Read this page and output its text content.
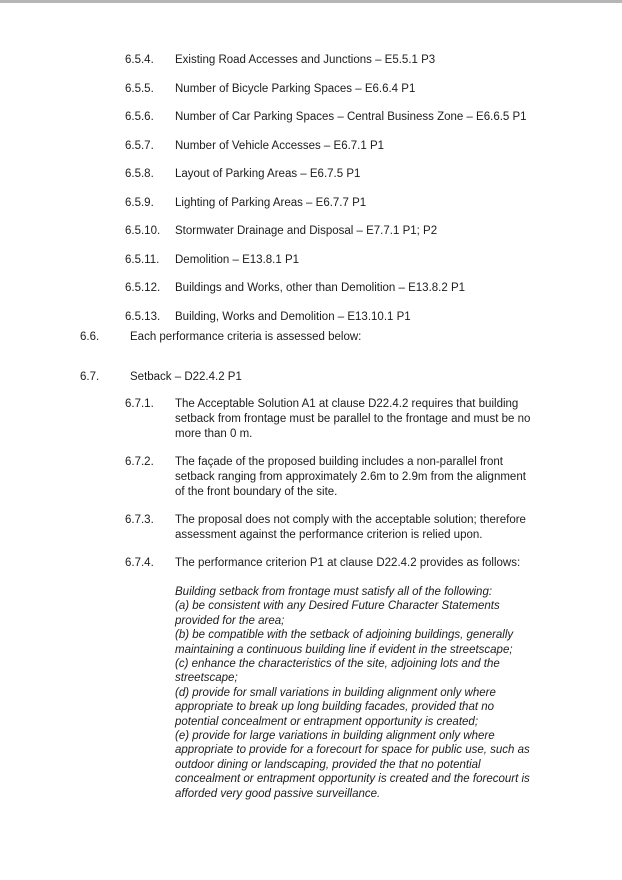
6.5.4.	Existing Road Accesses and Junctions – E5.5.1 P3
6.5.5.	Number of Bicycle Parking Spaces – E6.6.4 P1
6.5.6.	Number of Car Parking Spaces – Central Business Zone – E6.6.5 P1
6.5.7.	Number of Vehicle Accesses – E6.7.1 P1
6.5.8.	Layout of Parking Areas – E6.7.5 P1
6.5.9.	Lighting of Parking Areas – E6.7.7 P1
6.5.10.	Stormwater Drainage and Disposal – E7.7.1 P1; P2
6.5.11.	Demolition – E13.8.1 P1
6.5.12.	Buildings and Works, other than Demolition – E13.8.2 P1
6.5.13.	Building, Works and Demolition – E13.10.1 P1
6.6.	Each performance criteria is assessed below:
6.7.	Setback – D22.4.2 P1
6.7.1.	The Acceptable Solution A1 at clause D22.4.2 requires that building
setback from frontage must be parallel to the frontage and must be no
more than 0 m.
6.7.2.	The façade of the proposed building includes a non-parallel front
setback ranging from approximately 2.6m to 2.9m from the alignment
of the front boundary of the site.
6.7.3.	The proposal does not comply with the acceptable solution; therefore
assessment against the performance criterion is relied upon.
6.7.4.	The performance criterion P1 at clause D22.4.2 provides as follows:
Building setback from frontage must satisfy all of the following:
(a) be consistent with any Desired Future Character Statements
provided for the area;
(b) be compatible with the setback of adjoining buildings, generally
maintaining a continuous building line if evident in the streetscape;
(c) enhance the characteristics of the site, adjoining lots and the
streetscape;
(d) provide for small variations in building alignment only where
appropriate to break up long building facades, provided that no
potential concealment or entrapment opportunity is created;
(e) provide for large variations in building alignment only where
appropriate to provide for a forecourt for space for public use, such as
outdoor dining or landscaping, provided the that no potential
concealment or entrapment opportunity is created and the forecourt is
afforded very good passive surveillance.
